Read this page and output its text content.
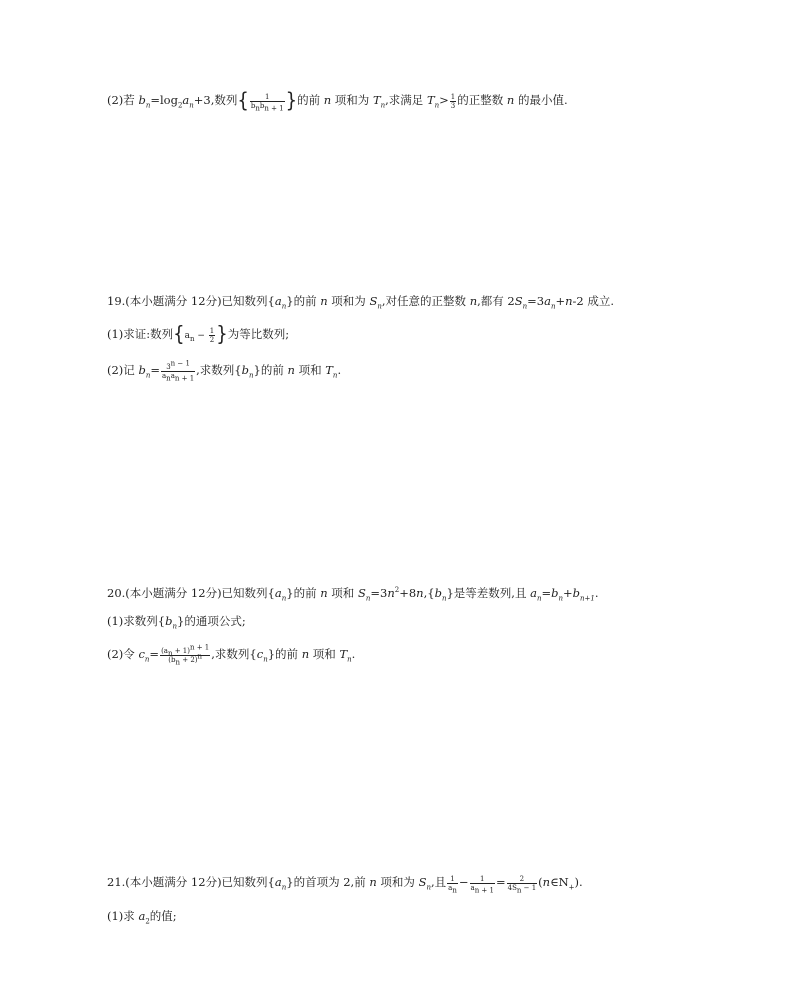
(2)若 $b_n=\log_2a_n+3$,数列{ $\frac{1}{b_nb_{n + 1}}$ }的前 n 项和为 $T_n$,求满足 $T_n> \frac{1}{3}$ 的正整数 n 的最小值.
19.(本小题满分 12分)已知数列$\{a_n\}$的前 n 项和为 $S_n$,对任意的正整数 n,都有 $2S_n=3a_n+n-2$ 成立.
(1)求证:数列{$a_n - \frac{1}{2}$ }为等比数列;
(2)记 $b_n= \frac{3^{n - 1}}{a_na_{n + 1}}$ ,求数列$\{b_n\}$的前 n 项和 $T_n$.
20.(本小题满分 12分)已知数列$\{a_n\}$的前 n 项和 $S_n=3n^2+8n,\{b_n\}$是等差数列,且 $a_n=b_n+b_{n+1}$.
(1)求数列$\{b_n\}$的通项公式;
(2)令 $c_n= \frac{(a_n + 1)^{n + 1}}{(b_n + 2)^n}$ ,求数列$\{c_n\}$的前 n 项和 $T_n$.
21.(本小题满分 12分)已知数列$\{a_n\}$的首项为 2,前 n 项和为 $S_n$,且 $\frac{1}{a_n} - \frac{1}{a_{n + 1}} = \frac{2}{4S_n - 1}$ $(n\in N_+)$.
(1)求 $a_2$的值;
